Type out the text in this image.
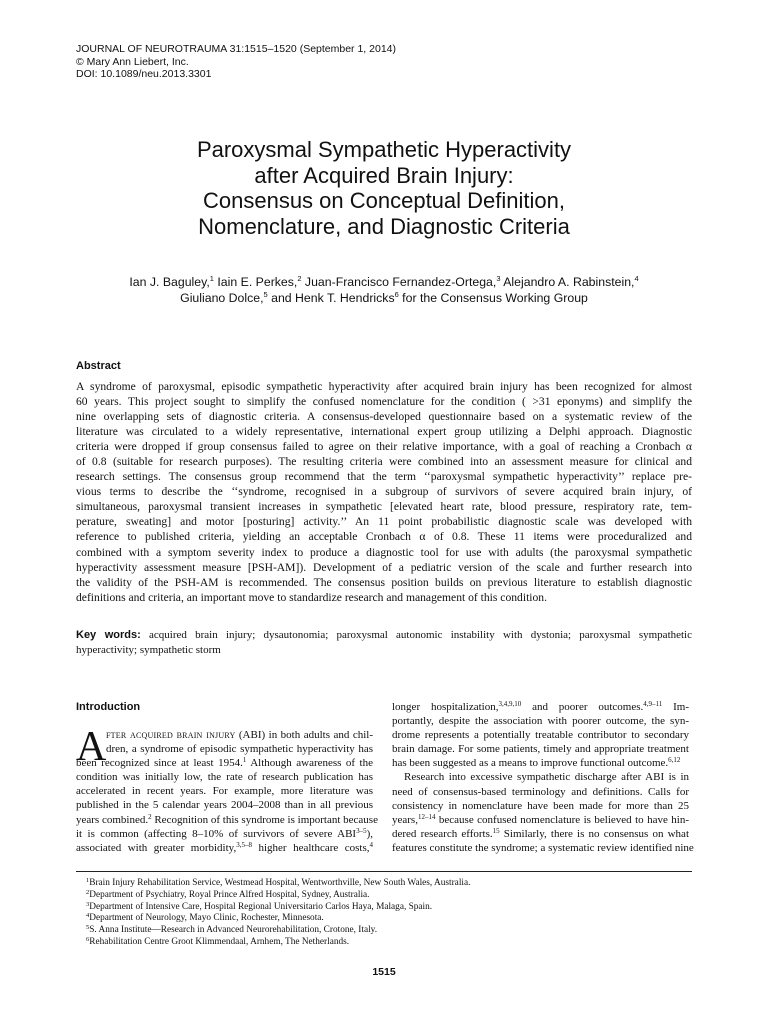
JOURNAL OF NEUROTRAUMA 31:1515–1520 (September 1, 2014)
© Mary Ann Liebert, Inc.
DOI: 10.1089/neu.2013.3301
Paroxysmal Sympathetic Hyperactivity
after Acquired Brain Injury:
Consensus on Conceptual Definition,
Nomenclature, and Diagnostic Criteria
Ian J. Baguley,$^1$ Iain E. Perkes,$^2$ Juan-Francisco Fernandez-Ortega,$^3$ Alejandro A. Rabinstein,$^4$
Giuliano Dolce,$^5$ and Henk T. Hendricks$^6$ for the Consensus Working Group
Abstract
A syndrome of paroxysmal, episodic sympathetic hyperactivity after acquired brain injury has been recognized for almost
60 years. This project sought to simplify the confused nomenclature for the condition ( >31 eponyms) and simplify the
nine overlapping sets of diagnostic criteria. A consensus-developed questionnaire based on a systematic review of the
literature was circulated to a widely representative, international expert group utilizing a Delphi approach. Diagnostic
criteria were dropped if group consensus failed to agree on their relative importance, with a goal of reaching a Cronbach α
of 0.8 (suitable for research purposes). The resulting criteria were combined into an assessment measure for clinical and
research settings. The consensus group recommend that the term ‘‘paroxysmal sympathetic hyperactivity’’ replace pre-
vious terms to describe the ‘‘syndrome, recognised in a subgroup of survivors of severe acquired brain injury, of
simultaneous, paroxysmal transient increases in sympathetic [elevated heart rate, blood pressure, respiratory rate, tem-
perature, sweating] and motor [posturing] activity.’’ An 11 point probabilistic diagnostic scale was developed with
reference to published criteria, yielding an acceptable Cronbach α of 0.8. These 11 items were proceduralized and
combined with a symptom severity index to produce a diagnostic tool for use with adults (the paroxysmal sympathetic
hyperactivity assessment measure [PSH-AM]). Development of a pediatric version of the scale and further research into
the validity of the PSH-AM is recommended. The consensus position builds on previous literature to establish diagnostic
definitions and criteria, an important move to standardize research and management of this condition.
Key words: acquired brain injury; dysautonomia; paroxysmal autonomic instability with dystonia; paroxysmal sympathetic
hyperactivity; sympathetic storm
Introduction
A fter acquired brain injury (ABI) in both adults and chil-
dren, a syndrome of episodic sympathetic hyperactivity has
been recognized since at least 1954.$^1$ Although awareness of the
condition was initially low, the rate of research publication has
accelerated in recent years. For example, more literature was
published in the 5 calendar years 2004–2008 than in all previous
years combined.$^2$ Recognition of this syndrome is important because
it is common (affecting 8–10% of survivors of severe ABI$^{3-5}$),
associated with greater morbidity,$^{3,5-8}$ higher healthcare costs,$^4$
longer hospitalization,$^{3,4,9,10}$ and poorer outcomes.$^{4,9-11}$ Im-
portantly, despite the association with poorer outcome, the syn-
drome represents a potentially treatable contributor to secondary
brain damage. For some patients, timely and appropriate treatment
has been suggested as a means to improve functional outcome.$^{6,12}$
Research into excessive sympathetic discharge after ABI is in
need of consensus-based terminology and definitions. Calls for
consistency in nomenclature have been made for more than 25
years,$^{12-14}$ because confused nomenclature is believed to have hin-
dered research efforts.$^{15}$ Similarly, there is no consensus on what
features constitute the syndrome; a systematic review identified nine
$^1$Brain Injury Rehabilitation Service, Westmead Hospital, Wentworthville, New South Wales, Australia.
$^2$Department of Psychiatry, Royal Prince Alfred Hospital, Sydney, Australia.
$^3$Department of Intensive Care, Hospital Regional Universitario Carlos Haya, Malaga, Spain.
$^4$Department of Neurology, Mayo Clinic, Rochester, Minnesota.
$^5$S. Anna Institute—Research in Advanced Neurorehabilitation, Crotone, Italy.
$^6$Rehabilitation Centre Groot Klimmendaal, Arnhem, The Netherlands.
1515
